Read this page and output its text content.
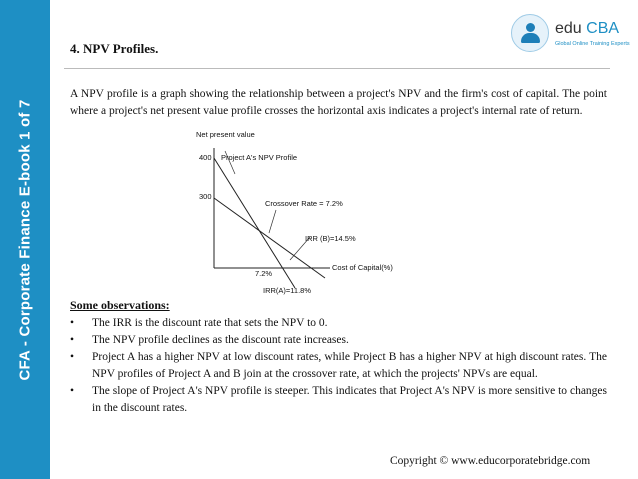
CFA - Corporate Finance E-book 1 of 7
edu CBA
Global Online Training Experts
4. NPV Profiles.

A NPV profile is a graph showing the relationship between a project's NPV and the firm's cost of capital. The point where a project's net present value profile crosses the horizontal axis indicates a project's internal rate of return.

Net present value
400
300
Project A's NPV Profile
Crossover Rate = 7.2%
IRR (B)=14.5%
Cost of Capital(%)
7.2%
IRR(A)=11.8%
Some observations:
• The IRR is the discount rate that sets the NPV to 0.
• The NPV profile declines as the discount rate increases.
• Project A has a higher NPV at low discount rates, while Project B has a higher NPV at high discount rates. The NPV profiles of Project A and B join at the crossover rate, at which the projects' NPVs are equal.
• The slope of Project A's NPV profile is steeper. This indicates that Project A's NPV is more sensitive to changes in the discount rates.
Copyright © www.educorporatebridge.com
